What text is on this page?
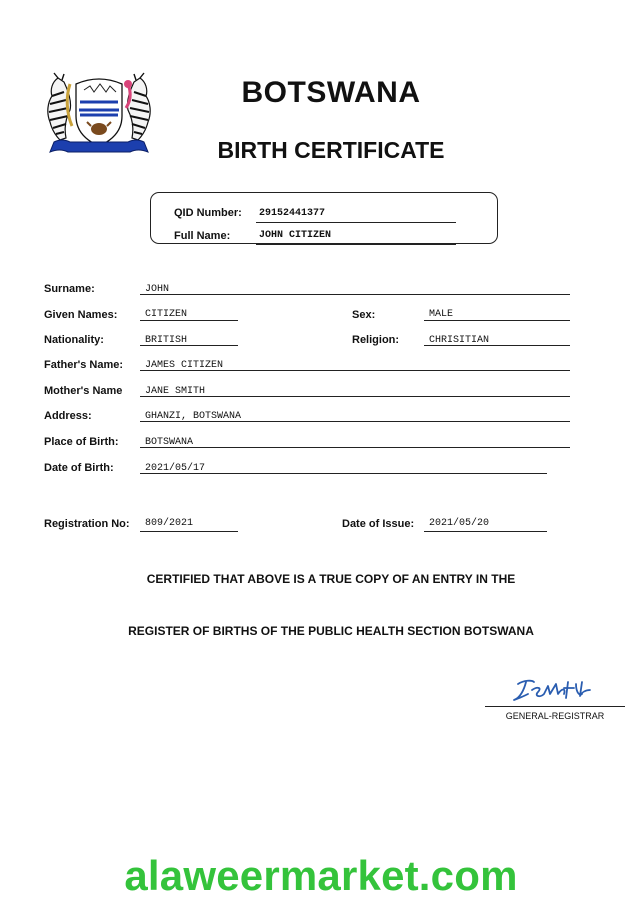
BOTSWANA
BIRTH CERTIFICATE
QID Number: 29152441377
Full Name:	JOHN CITIZEN
Surname:	JOHN
Given Names:	CITIZEN	Sex:	MALE
Nationality:	BRITISH	Religion:	CHRISITIAN
Father's Name: JAMES CITIZEN
Mother's Name JANE SMITH
Address:	GHANZI, BOTSWANA
Place of Birth:	BOTSWANA
Date of Birth:	2021/05/17
Registration No: 809/2021	Date of Issue: 2021/05/20
CERTIFIED THAT ABOVE IS A TRUE COPY OF AN ENTRY IN THE
REGISTER OF BIRTHS OF THE PUBLIC HEALTH SECTION BOTSWANA
GENERAL-REGISTRAR
alaweermarket.com
